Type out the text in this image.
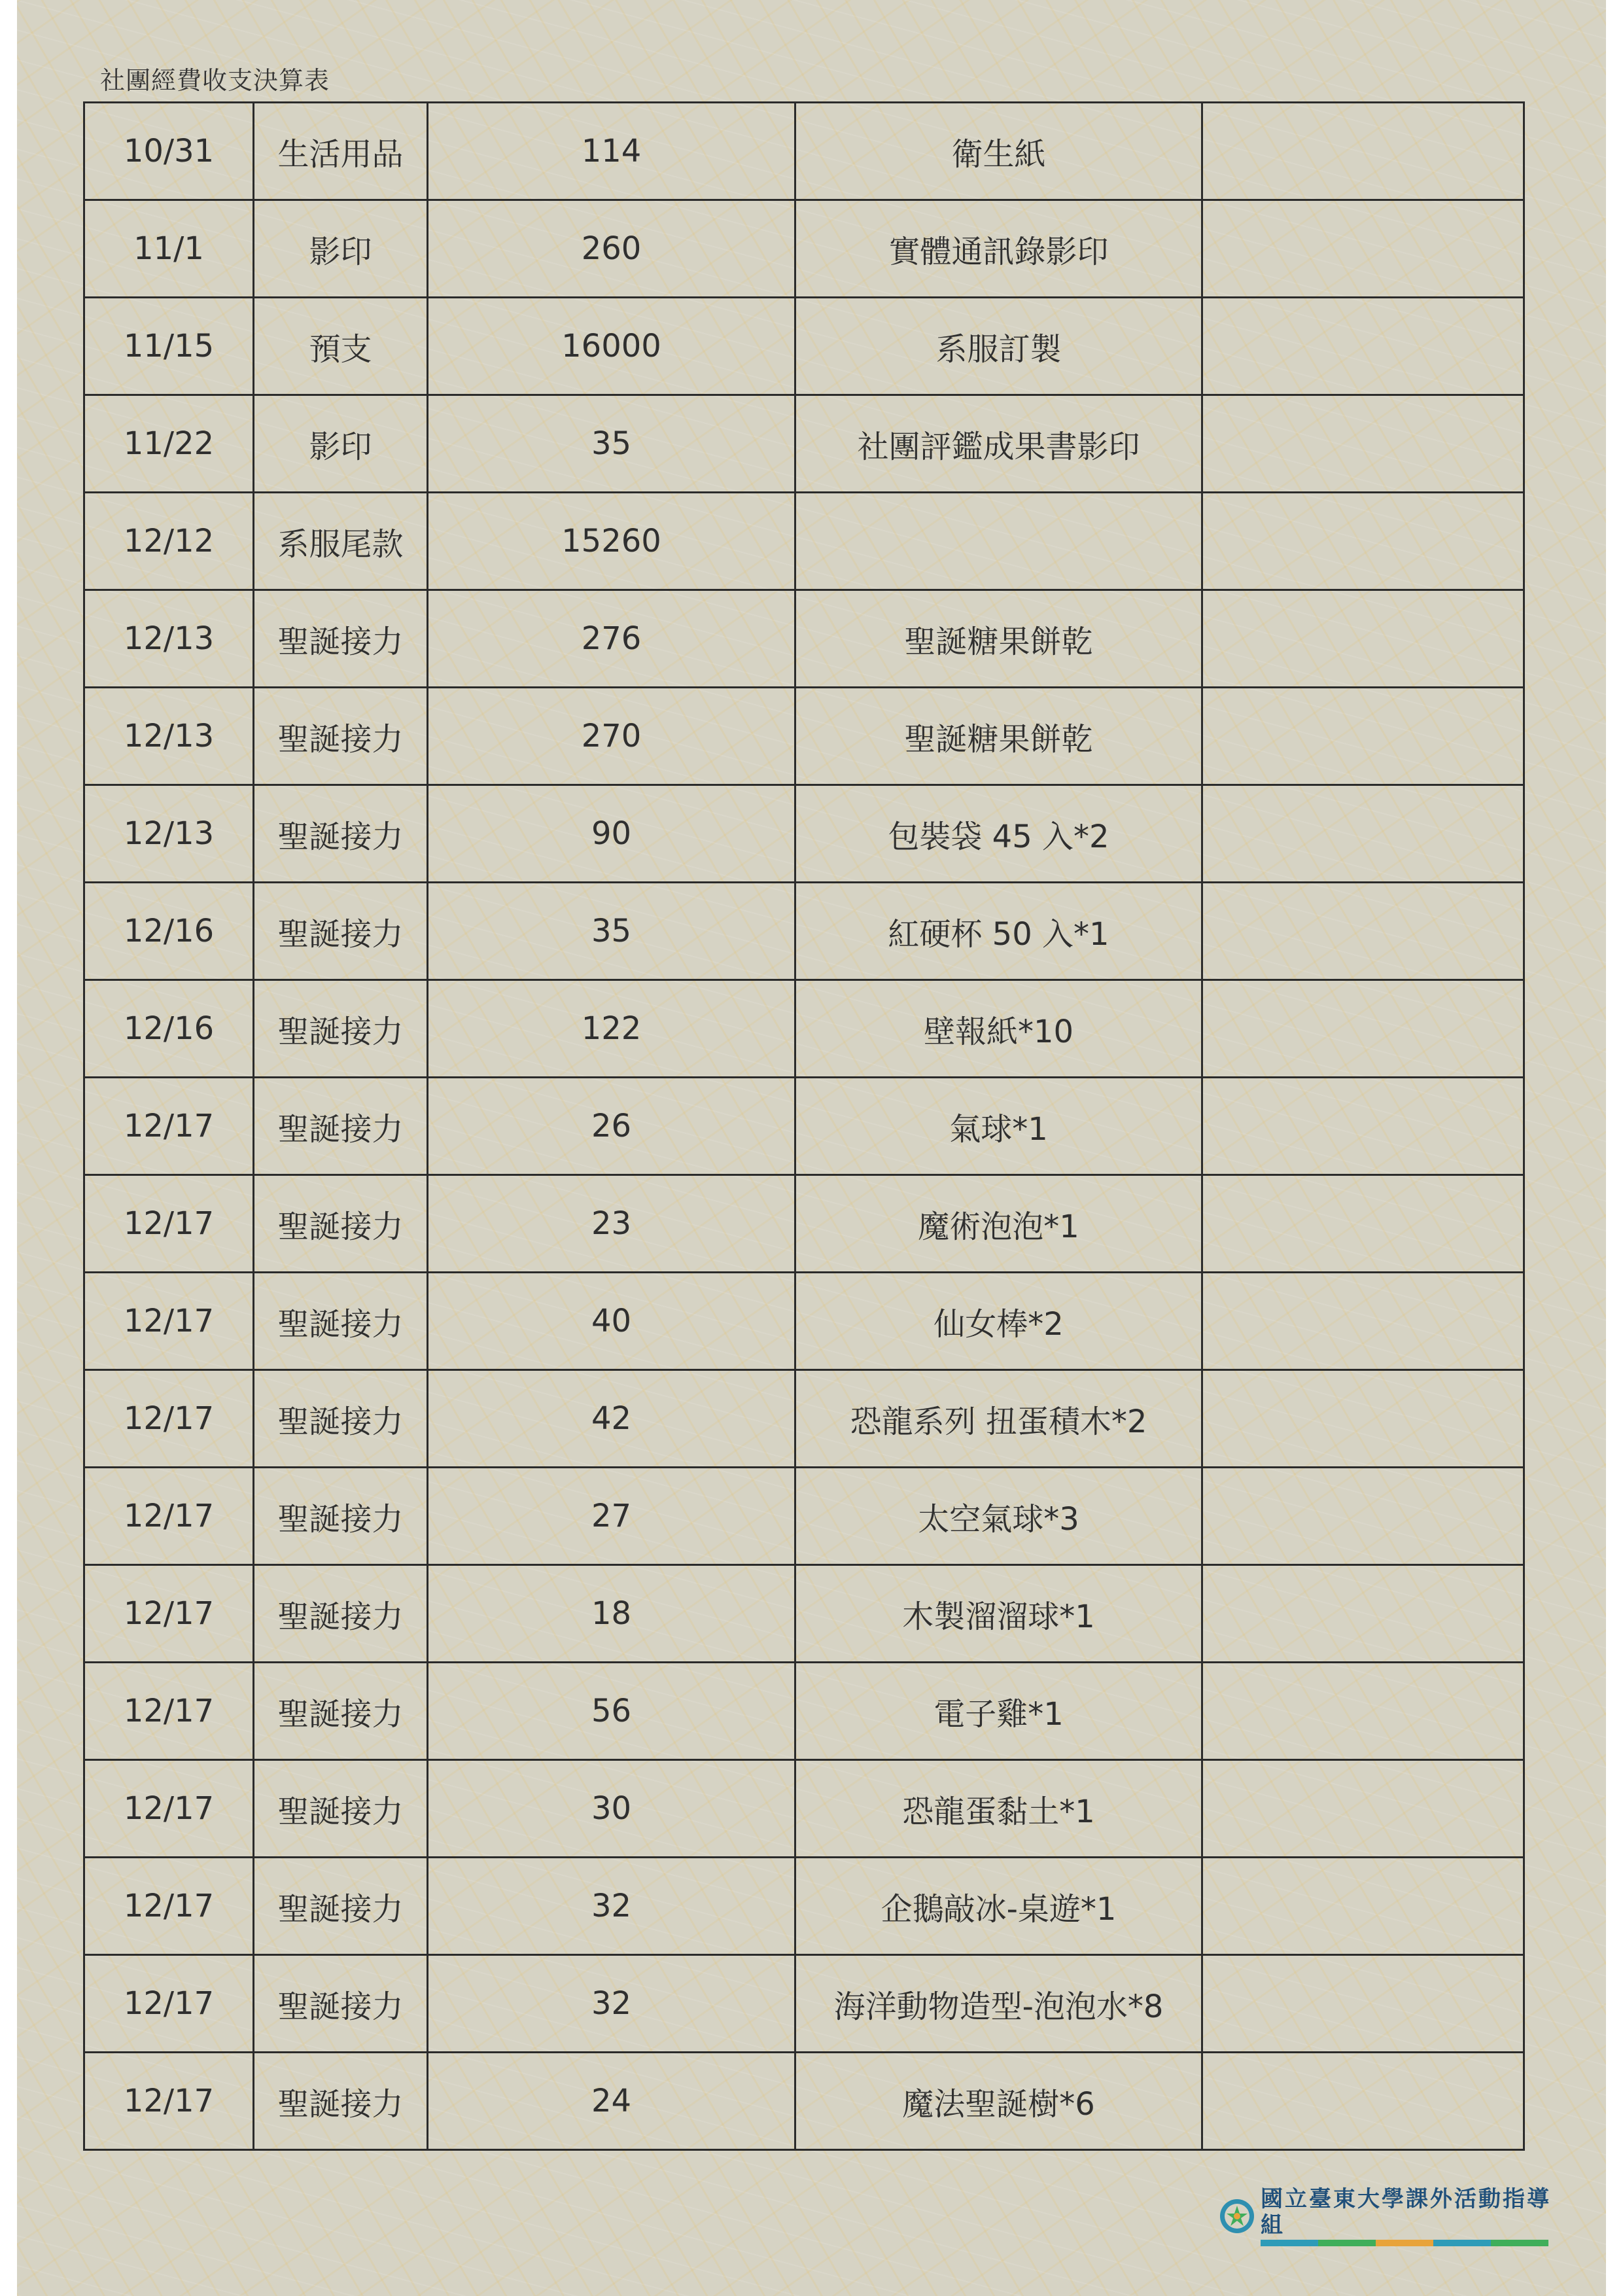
社團經費收支決算表
10/31	生活用品	114	衛生紙	
11/1	影印	260	實體通訊錄影印	
11/15	預支	16000	系服訂製	
11/22	影印	35	社團評鑑成果書影印	
12/12	系服尾款	15260		
12/13	聖誕接力	276	聖誕糖果餅乾	
12/13	聖誕接力	270	聖誕糖果餅乾	
12/13	聖誕接力	90	包裝袋 45 入*2	
12/16	聖誕接力	35	紅硬杯 50 入*1	
12/16	聖誕接力	122	壁報紙*10	
12/17	聖誕接力	26	氣球*1	
12/17	聖誕接力	23	魔術泡泡*1	
12/17	聖誕接力	40	仙女棒*2	
12/17	聖誕接力	42	恐龍系列 扭蛋積木*2	
12/17	聖誕接力	27	太空氣球*3	
12/17	聖誕接力	18	木製溜溜球*1	
12/17	聖誕接力	56	電子雞*1	
12/17	聖誕接力	30	恐龍蛋黏土*1	
12/17	聖誕接力	32	企鵝敲冰-桌遊*1	
12/17	聖誕接力	32	海洋動物造型-泡泡水*8	
12/17	聖誕接力	24	魔法聖誕樹*6	
國立臺東大學課外活動指導組
